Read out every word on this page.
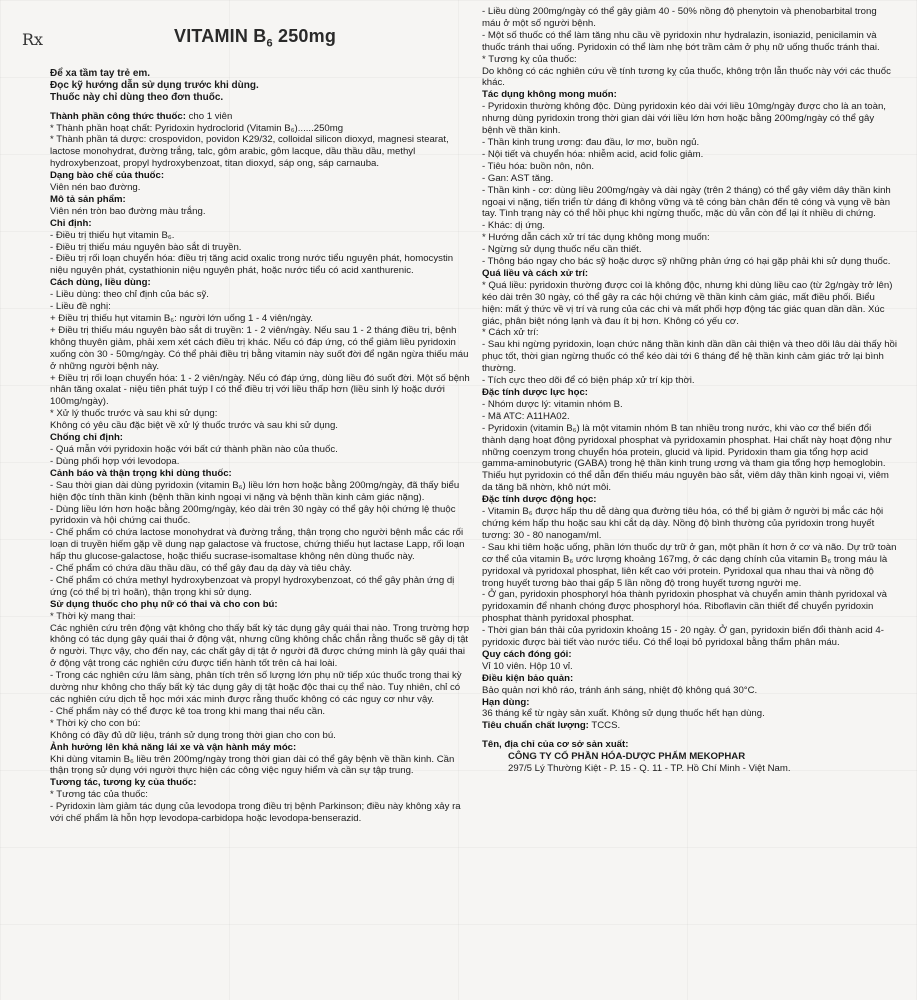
Rx	VITAMIN $B_6$ 250mg

Để xa tầm tay trẻ em.

Đọc kỹ hướng dẫn sử dụng trước khi dùng.

Thuốc này chỉ dùng theo đơn thuốc.

Thành phần công thức thuốc: cho 1 viên

* Thành phần hoạt chất: Pyridoxin hydroclorid (Vitamin B₆)......250mg

* Thành phần tá dược: crospovidon, povidon K29/32, colloidal silicon dioxyd, magnesi stearat, lactose monohydrat, đường trắng, talc, gôm arabic, gôm lacque, dầu thầu dầu, methyl hydroxybenzoat, propyl hydroxybenzoat, titan dioxyd, sáp ong, sáp carnauba.

Dạng bào chế của thuốc:

Viên nén bao đường.

Mô tả sản phẩm:

Viên nén tròn bao đường màu trắng.

Chỉ định:

- Điều trị thiếu hụt vitamin B₆.

- Điều trị thiếu máu nguyên bào sắt di truyền.

- Điều trị rối loạn chuyển hóa: điều trị tăng acid oxalic trong nước tiểu nguyên phát, homocystin niệu nguyên phát, cystathionin niệu nguyên phát, hoặc nước tiểu có acid xanthurenic.

Cách dùng, liều dùng:

- Liều dùng: theo chỉ định của bác sỹ.

- Liều đề nghị:

+ Điều trị thiếu hụt vitamin B₆: người lớn uống 1 - 4 viên/ngày.

+ Điều trị thiếu máu nguyên bào sắt di truyền: 1 - 2 viên/ngày. Nếu sau 1 - 2 tháng điều trị, bệnh không thuyên giảm, phải xem xét cách điều trị khác. Nếu có đáp ứng, có thể giảm liều pyridoxin xuống còn 30 - 50mg/ngày. Có thể phải điều trị bằng vitamin này suốt đời để ngăn ngừa thiếu máu ở những người bệnh này.

+ Điều trị rối loạn chuyển hóa: 1 - 2 viên/ngày. Nếu có đáp ứng, dùng liều đó suốt đời. Một số bệnh nhân tăng oxalat - niệu tiên phát tuýp I có thể điều trị với liều thấp hơn (liều sinh lý hoặc dưới 100mg/ngày).

* Xử lý thuốc trước và sau khi sử dụng:

Không có yêu cầu đặc biệt về xử lý thuốc trước và sau khi sử dụng.

Chống chỉ định:

- Quá mẫn với pyridoxin hoặc với bất cứ thành phần nào của thuốc.

- Dùng phối hợp với levodopa.

Cảnh báo và thận trọng khi dùng thuốc:

- Sau thời gian dài dùng pyridoxin (vitamin B₆) liều lớn hơn hoặc bằng 200mg/ngày, đã thấy biểu hiện độc tính thần kinh (bệnh thần kinh ngoại vi nặng và bệnh thần kinh cảm giác nặng).

- Dùng liều lớn hơn hoặc bằng 200mg/ngày, kéo dài trên 30 ngày có thể gây hội chứng lệ thuộc pyridoxin và hội chứng cai thuốc.

- Chế phẩm có chứa lactose monohydrat và đường trắng, thận trọng cho người bệnh mắc các rối loạn di truyền hiếm gặp về dung nạp galactose và fructose, chứng thiếu hụt lactase Lapp, rối loạn hấp thu glucose-galactose, hoặc thiếu sucrase-isomaltase không nên dùng thuốc này.

- Chế phẩm có chứa dầu thầu dầu, có thể gây đau dạ dày và tiêu chảy.

- Chế phẩm có chứa methyl hydroxybenzoat và propyl hydroxybenzoat, có thể gây phản ứng dị ứng (có thể bị trì hoãn), thận trọng khi sử dụng.

Sử dụng thuốc cho phụ nữ có thai và cho con bú:

* Thời kỳ mang thai:

Các nghiên cứu trên động vật không cho thấy bất kỳ tác dụng gây quái thai nào. Trong trường hợp không có tác dụng gây quái thai ở động vật, nhưng cũng không chắc chắn rằng thuốc sẽ gây dị tật ở người. Thực vậy, cho đến nay, các chất gây dị tật ở người đã được chứng minh là gây quái thai ở động vật trong các nghiên cứu được tiến hành tốt trên cả hai loài.

- Trong các nghiên cứu lâm sàng, phân tích trên số lượng lớn phụ nữ tiếp xúc thuốc trong thai kỳ dường như không cho thấy bất kỳ tác dụng gây dị tật hoặc độc thai cụ thể nào. Tuy nhiên, chỉ có các nghiên cứu dịch tễ học mới xác minh được rằng thuốc không có các nguy cơ như vậy.

- Chế phẩm này có thể được kê toa trong khi mang thai nếu cần.

* Thời kỳ cho con bú:

Không có đầy đủ dữ liệu, tránh sử dụng trong thời gian cho con bú.

Ảnh hưởng lên khả năng lái xe và vận hành máy móc:

Khi dùng vitamin B₆ liều trên 200mg/ngày trong thời gian dài có thể gây bệnh về thần kinh. Cần thận trọng sử dụng với người thực hiện các công việc nguy hiểm và cần sự tập trung.

Tương tác, tương kỵ của thuốc:

* Tương tác của thuốc:

- Pyridoxin làm giảm tác dụng của levodopa trong điều trị bệnh Parkinson; điều này không xảy ra với chế phẩm là hỗn hợp levodopa-carbidopa hoặc levodopa-benserazid.

- Liều dùng 200mg/ngày có thể gây giảm 40 - 50% nồng độ phenytoin và phenobarbital trong máu ở một số người bệnh.

- Một số thuốc có thể làm tăng nhu cầu về pyridoxin như hydralazin, isoniazid, penicilamin và thuốc tránh thai uống. Pyridoxin có thể làm nhẹ bớt trầm cảm ở phụ nữ uống thuốc tránh thai.

* Tương kỵ của thuốc:

Do không có các nghiên cứu về tính tương kỵ của thuốc, không trộn lẫn thuốc này với các thuốc khác.

Tác dụng không mong muốn:

- Pyridoxin thường không độc. Dùng pyridoxin kéo dài với liều 10mg/ngày được cho là an toàn, nhưng dùng pyridoxin trong thời gian dài với liều lớn hơn hoặc bằng 200mg/ngày có thể gây bệnh về thần kinh.

- Thần kinh trung ương: đau đầu, lơ mơ, buồn ngủ.

- Nội tiết và chuyển hóa: nhiễm acid, acid folic giảm.

- Tiêu hóa: buồn nôn, nôn.

- Gan: AST tăng.

- Thần kinh - cơ: dùng liều 200mg/ngày và dài ngày (trên 2 tháng) có thể gây viêm dây thần kinh ngoại vi nặng, tiến triển từ dáng đi không vững và tê cóng bàn chân đến tê cóng và vụng về bàn tay. Tình trạng này có thể hồi phục khi ngừng thuốc, mặc dù vẫn còn để lại ít nhiều di chứng.

- Khác: dị ứng.

* Hướng dẫn cách xử trí tác dụng không mong muốn:

- Ngừng sử dụng thuốc nếu cần thiết.

- Thông báo ngay cho bác sỹ hoặc dược sỹ những phản ứng có hại gặp phải khi sử dụng thuốc.

Quá liều và cách xử trí:

* Quá liều: pyridoxin thường được coi là không độc, nhưng khi dùng liều cao (từ 2g/ngày trở lên) kéo dài trên 30 ngày, có thể gây ra các hội chứng về thần kinh cảm giác, mất điều phối. Biểu hiện: mất ý thức về vị trí và rung của các chi và mất phối hợp động tác giác quan dần dần. Xúc giác, phân biệt nóng lạnh và đau ít bị hơn. Không có yếu cơ.

* Cách xử trí:

- Sau khi ngừng pyridoxin, loạn chức năng thần kinh dần dần cải thiện và theo dõi lâu dài thấy hồi phục tốt, thời gian ngừng thuốc có thể kéo dài tới 6 tháng để hệ thần kinh cảm giác trở lại bình thường.

- Tích cực theo dõi để có biện pháp xử trí kịp thời.

Đặc tính dược lực học:

- Nhóm dược lý: vitamin nhóm B.

- Mã ATC: A11HA02.

- Pyridoxin (vitamin B₆) là một vitamin nhóm B tan nhiều trong nước, khi vào cơ thể biến đổi thành dạng hoạt động pyridoxal phosphat và pyridoxamin phosphat. Hai chất này hoạt động như những coenzym trong chuyển hóa protein, glucid và lipid. Pyridoxin tham gia tổng hợp acid gamma-aminobutyric (GABA) trong hệ thần kinh trung ương và tham gia tổng hợp hemoglobin. Thiếu hụt pyridoxin có thể dẫn đến thiếu máu nguyên bào sắt, viêm dây thần kinh ngoại vi, viêm da tăng bã nhờn, khô nứt môi.

Đặc tính dược động học:

- Vitamin B₆ được hấp thu dễ dàng qua đường tiêu hóa, có thể bị giảm ở người bị mắc các hội chứng kém hấp thu hoặc sau khi cắt dạ dày. Nồng độ bình thường của pyridoxin trong huyết tương: 30 - 80 nanogam/ml.

- Sau khi tiêm hoặc uống, phần lớn thuốc dự trữ ở gan, một phần ít hơn ở cơ và não. Dự trữ toàn cơ thể của vitamin B₆ ước lượng khoảng 167mg, ở các dạng chính của vitamin B₆ trong máu là pyridoxal và pyridoxal phosphat, liên kết cao với protein. Pyridoxal qua nhau thai và nồng độ trong huyết tương bào thai gấp 5 lần nồng độ trong huyết tương người mẹ.

- Ở gan, pyridoxin phosphoryl hóa thành pyridoxin phosphat và chuyển amin thành pyridoxal và pyridoxamin để nhanh chóng được phosphoryl hóa. Riboflavin cần thiết để chuyển pyridoxin phosphat thành pyridoxal phosphat.

- Thời gian bán thải của pyridoxin khoảng 15 - 20 ngày. Ở gan, pyridoxin biến đổi thành acid 4-pyridoxic được bài tiết vào nước tiểu. Có thể loại bỏ pyridoxal bằng thẩm phân máu.

Quy cách đóng gói:

Vỉ 10 viên. Hộp 10 vỉ.

Điều kiện bảo quản:

Bảo quản nơi khô ráo, tránh ánh sáng, nhiệt độ không quá 30°C.

Hạn dùng:

36 tháng kể từ ngày sản xuất. Không sử dụng thuốc hết hạn dùng.

Tiêu chuẩn chất lượng: TCCS.

Tên, địa chỉ của cơ sở sản xuất:

CÔNG TY CỔ PHẦN HÓA-DƯỢC PHẨM MEKOPHAR

297/5 Lý Thường Kiệt - P. 15 - Q. 11 - TP. Hồ Chí Minh - Việt Nam.
